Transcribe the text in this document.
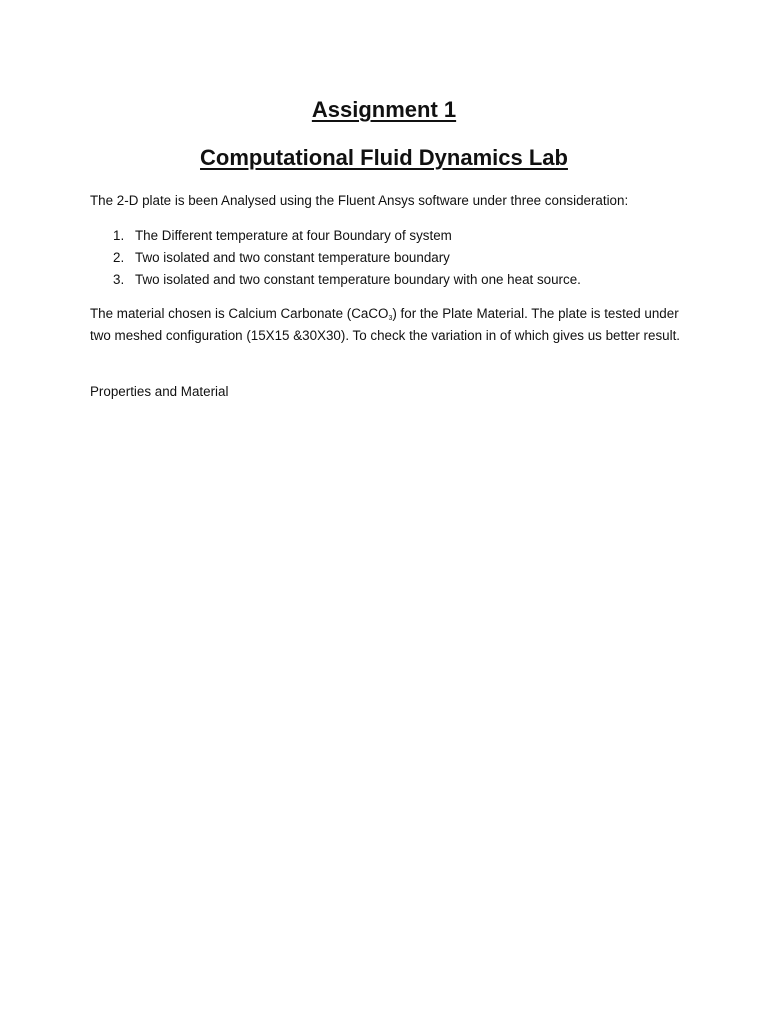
Assignment 1
Computational Fluid Dynamics Lab

The 2-D plate is been Analysed using the Fluent Ansys software under three consideration:

1. The Different temperature at four Boundary of system
2. Two isolated and two constant temperature boundary
3. Two isolated and two constant temperature boundary with one heat source.

The material chosen is Calcium Carbonate (CaCO$_3$) for the Plate Material. The plate is tested under two meshed configuration (15X15 &30X30). To check the variation in of which gives us better result.

Properties and Material
